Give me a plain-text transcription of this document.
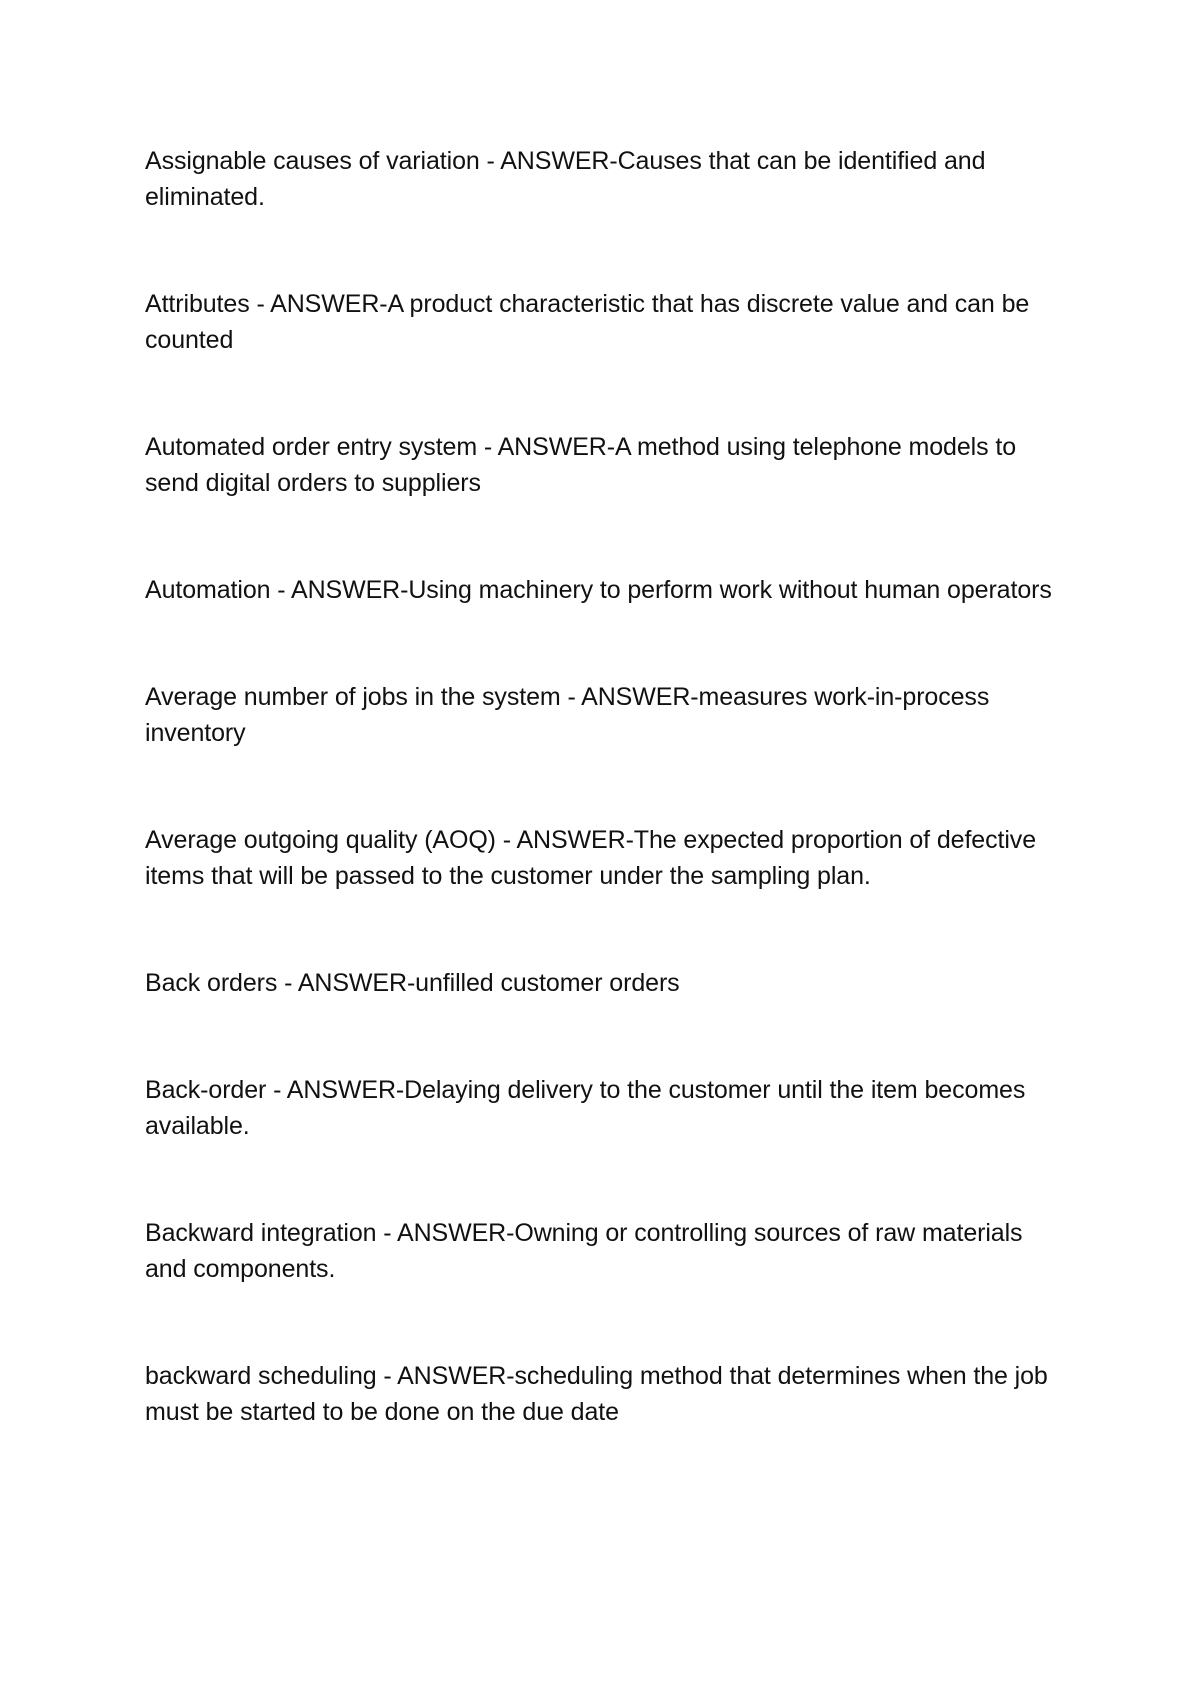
Assignable causes of variation - ANSWER-Causes that can be identified and eliminated.

Attributes - ANSWER-A product characteristic that has discrete value and can be counted

Automated order entry system - ANSWER-A method using telephone models to send digital orders to suppliers

Automation - ANSWER-Using machinery to perform work without human operators

Average number of jobs in the system - ANSWER-measures work-in-process inventory

Average outgoing quality (AOQ) - ANSWER-The expected proportion of defective items that will be passed to the customer under the sampling plan.

Back orders - ANSWER-unfilled customer orders

Back-order - ANSWER-Delaying delivery to the customer until the item becomes available.

Backward integration - ANSWER-Owning or controlling sources of raw materials and components.

backward scheduling - ANSWER-scheduling method that determines when the job must be started to be done on the due date
